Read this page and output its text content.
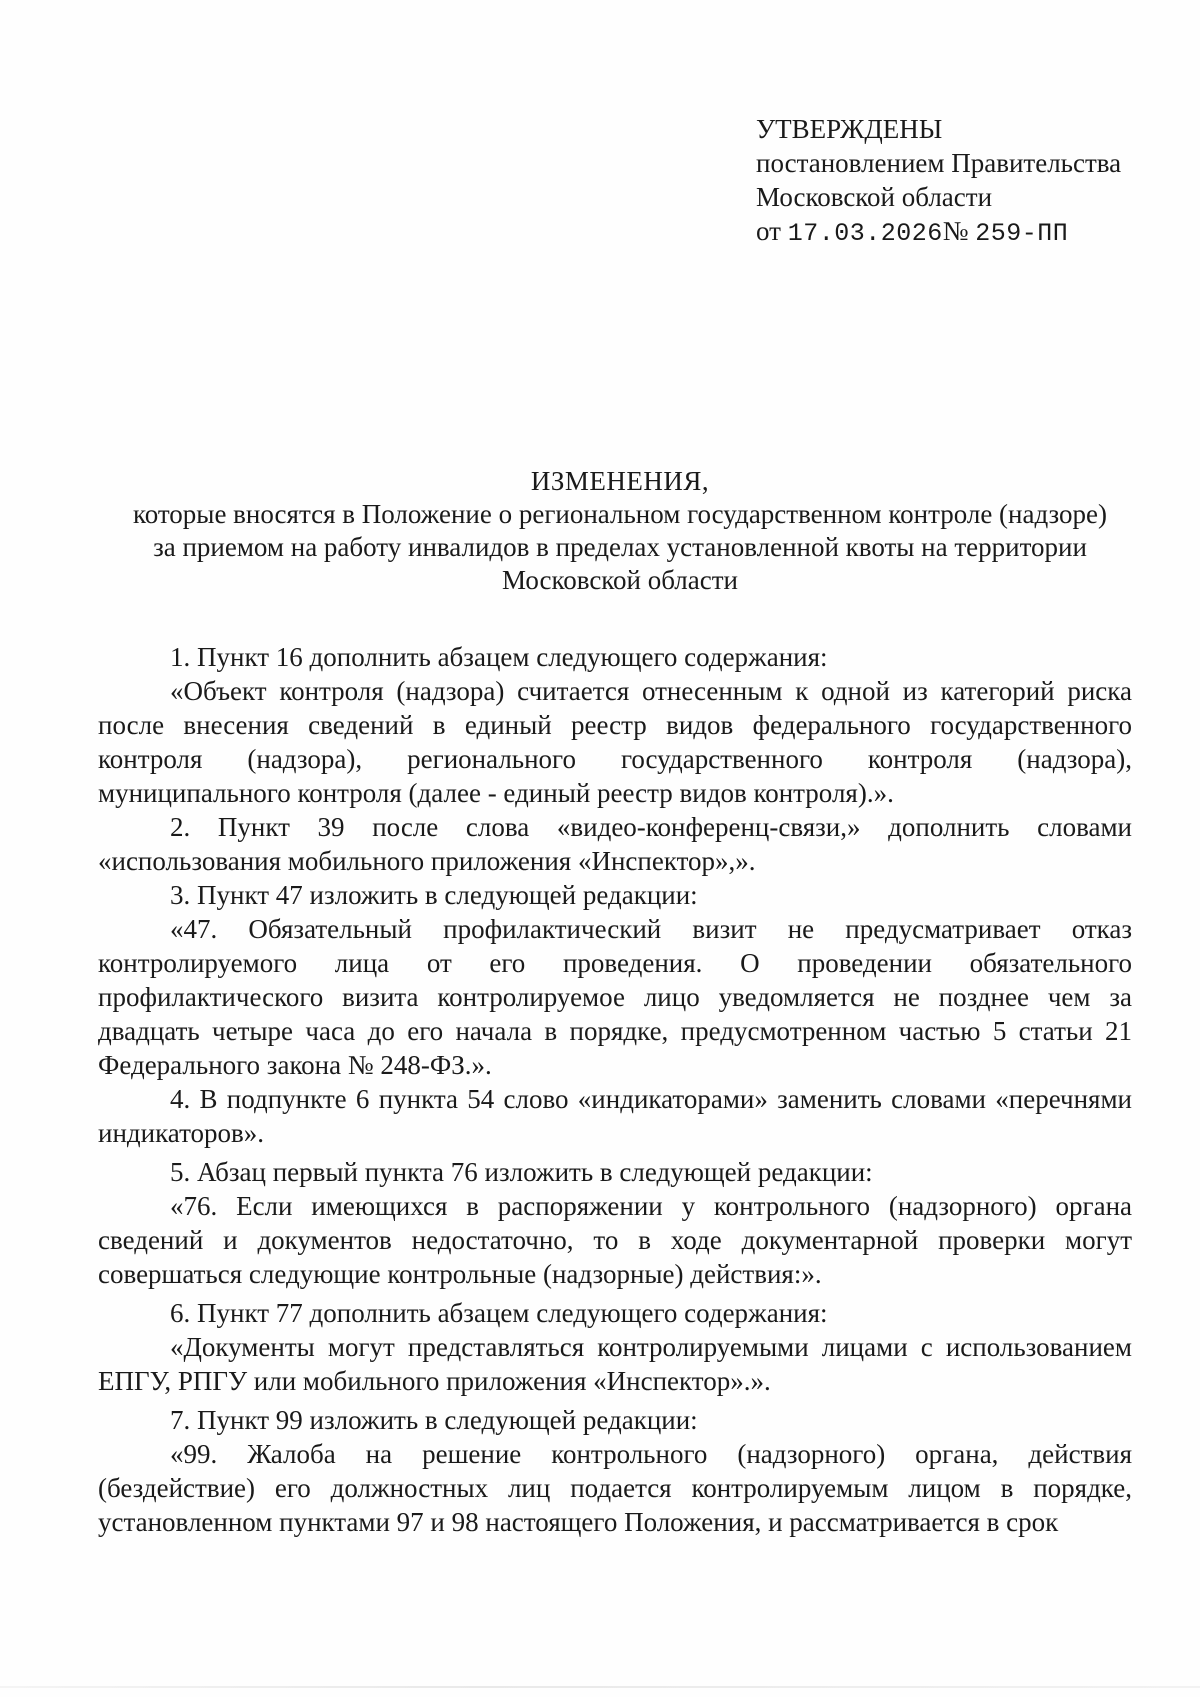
УТВЕРЖДЕНЫ
постановлением Правительства
Московской области
от 17.03.2026№ 259-ПП
ИЗМЕНЕНИЯ,
которые вносятся в Положение о региональном государственном контроле (надзоре)
за приемом на работу инвалидов в пределах установленной квоты на территории
Московской области

1. Пункт 16 дополнить абзацем следующего содержания:

«Объект контроля (надзора) считается отнесенным к одной из категорий риска после внесения сведений в единый реестр видов федерального государственного контроля (надзора), регионального государственного контроля (надзора), муниципального контроля (далее - единый реестр видов контроля).».

2. Пункт 39 после слова «видео-конференц-связи,» дополнить словами «использования мобильного приложения «Инспектор»,».

3. Пункт 47 изложить в следующей редакции:

«47. Обязательный профилактический визит не предусматривает отказ контролируемого лица от его проведения. О проведении обязательного профилактического визита контролируемое лицо уведомляется не позднее чем за двадцать четыре часа до его начала в порядке, предусмотренном частью 5 статьи 21 Федерального закона № 248-ФЗ.».

4. В подпункте 6 пункта 54 слово «индикаторами» заменить словами «перечнями индикаторов».

5. Абзац первый пункта 76 изложить в следующей редакции:

«76. Если имеющихся в распоряжении у контрольного (надзорного) органа сведений и документов недостаточно, то в ходе документарной проверки могут совершаться следующие контрольные (надзорные) действия:».

6. Пункт 77 дополнить абзацем следующего содержания:

«Документы могут представляться контролируемыми лицами с использованием ЕПГУ, РПГУ или мобильного приложения «Инспектор».».

7. Пункт 99 изложить в следующей редакции:

«99. Жалоба на решение контрольного (надзорного) органа, действия (бездействие) его должностных лиц подается контролируемым лицом в порядке, установленном пунктами 97 и 98 настоящего Положения, и рассматривается в срок
